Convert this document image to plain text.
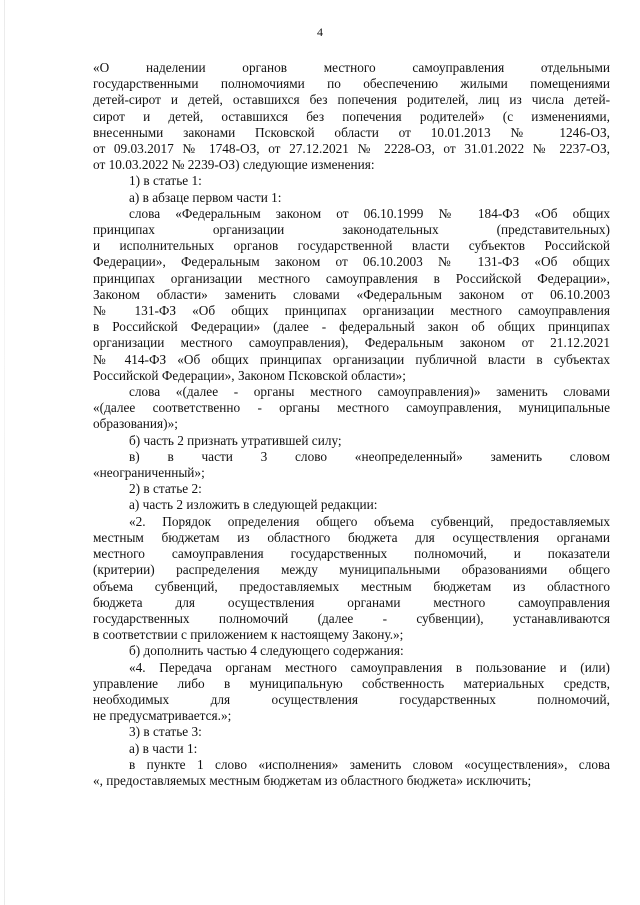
4

«О наделении органов местного самоуправления отдельными

государственными полномочиями по обеспечению жилыми помещениями

детей-сирот и детей, оставшихся без попечения родителей, лиц из числа детей-

сирот и детей, оставшихся без попечения родителей» (с изменениями,

внесенными законами Псковской области от 10.01.2013 № 1246-ОЗ,

от 09.03.2017 № 1748-ОЗ, от 27.12.2021 № 2228-ОЗ, от 31.01.2022 № 2237-ОЗ,

от 10.03.2022 № 2239-ОЗ) следующие изменения:

1) в статье 1:

а) в абзаце первом части 1:

слова «Федеральным законом от 06.10.1999 № 184-ФЗ «Об общих

принципах организации законодательных (представительных)

и исполнительных органов государственной власти субъектов Российской

Федерации», Федеральным законом от 06.10.2003 № 131-ФЗ «Об общих

принципах организации местного самоуправления в Российской Федерации»,

Законом области» заменить словами «Федеральным законом от 06.10.2003

№ 131-ФЗ «Об общих принципах организации местного самоуправления

в Российской Федерации» (далее - федеральный закон об общих принципах

организации местного самоуправления), Федеральным законом от 21.12.2021

№ 414-ФЗ «Об общих принципах организации публичной власти в субъектах

Российской Федерации», Законом Псковской области»;

слова «(далее - органы местного самоуправления)» заменить словами

«(далее соответственно - органы местного самоуправления, муниципальные

образования)»;

б) часть 2 признать утратившей силу;

в) в части 3 слово «неопределенный» заменить словом

«неограниченный»;

2) в статье 2:

а) часть 2 изложить в следующей редакции:

«2. Порядок определения общего объема субвенций, предоставляемых

местным бюджетам из областного бюджета для осуществления органами

местного самоуправления государственных полномочий, и показатели

(критерии) распределения между муниципальными образованиями общего

объема субвенций, предоставляемых местным бюджетам из областного

бюджета для осуществления органами местного самоуправления

государственных полномочий (далее - субвенции), устанавливаются

в соответствии с приложением к настоящему Закону.»;

б) дополнить частью 4 следующего содержания:

«4. Передача органам местного самоуправления в пользование и (или)

управление либо в муниципальную собственность материальных средств,

необходимых для осуществления государственных полномочий,

не предусматривается.»;

3) в статье 3:

а) в части 1:

в пункте 1 слово «исполнения» заменить словом «осуществления», слова

«, предоставляемых местным бюджетам из областного бюджета» исключить;
